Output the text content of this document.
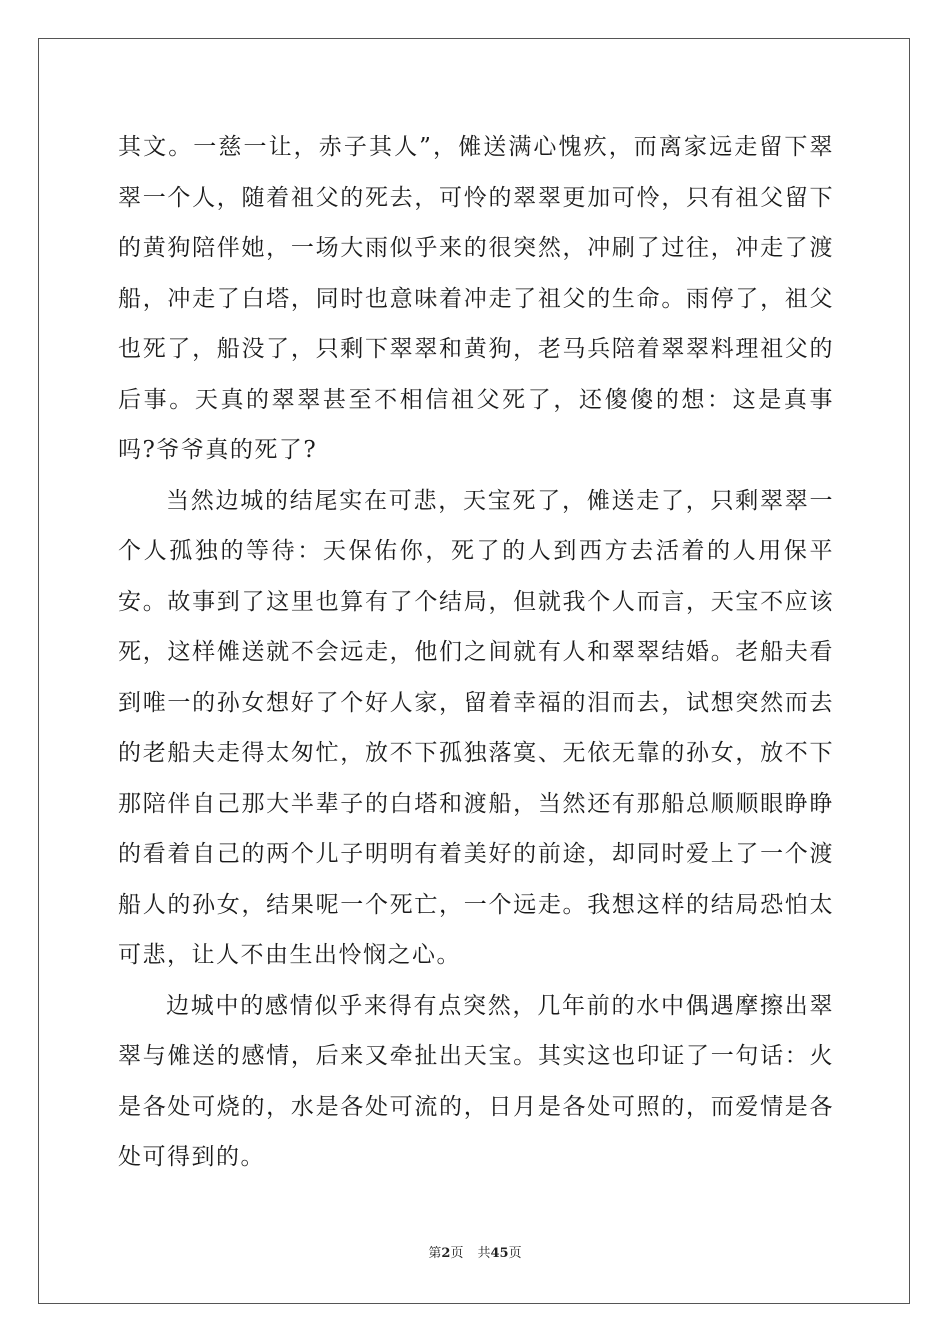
其文。一慈一让，赤子其人”，傩送满心愧疚，而离家远走留下翠翠一个人，随着祖父的死去，可怜的翠翠更加可怜，只有祖父留下的黄狗陪伴她，一场大雨似乎来的很突然，冲刷了过往，冲走了渡船，冲走了白塔，同时也意味着冲走了祖父的生命。雨停了，祖父也死了，船没了，只剩下翠翠和黄狗，老马兵陪着翠翠料理祖父的后事。天真的翠翠甚至不相信祖父死了，还傻傻的想：这是真事吗?爷爷真的死了?

当然边城的结尾实在可悲，天宝死了，傩送走了，只剩翠翠一个人孤独的等待：天保佑你，死了的人到西方去活着的人用保平安。故事到了这里也算有了个结局，但就我个人而言，天宝不应该死，这样傩送就不会远走，他们之间就有人和翠翠结婚。老船夫看到唯一的孙女想好了个好人家，留着幸福的泪而去，试想突然而去的老船夫走得太匆忙，放不下孤独落寞、无依无靠的孙女，放不下那陪伴自己那大半辈子的白塔和渡船，当然还有那船总顺顺眼睁睁的看着自己的两个儿子明明有着美好的前途，却同时爱上了一个渡船人的孙女，结果呢一个死亡，一个远走。我想这样的结局恐怕太可悲，让人不由生出怜悯之心。

边城中的感情似乎来得有点突然，几年前的水中偶遇摩擦出翠翠与傩送的感情，后来又牵扯出天宝。其实这也印证了一句话：火是各处可烧的，水是各处可流的，日月是各处可照的，而爱情是各处可得到的。

第2页 共45页
